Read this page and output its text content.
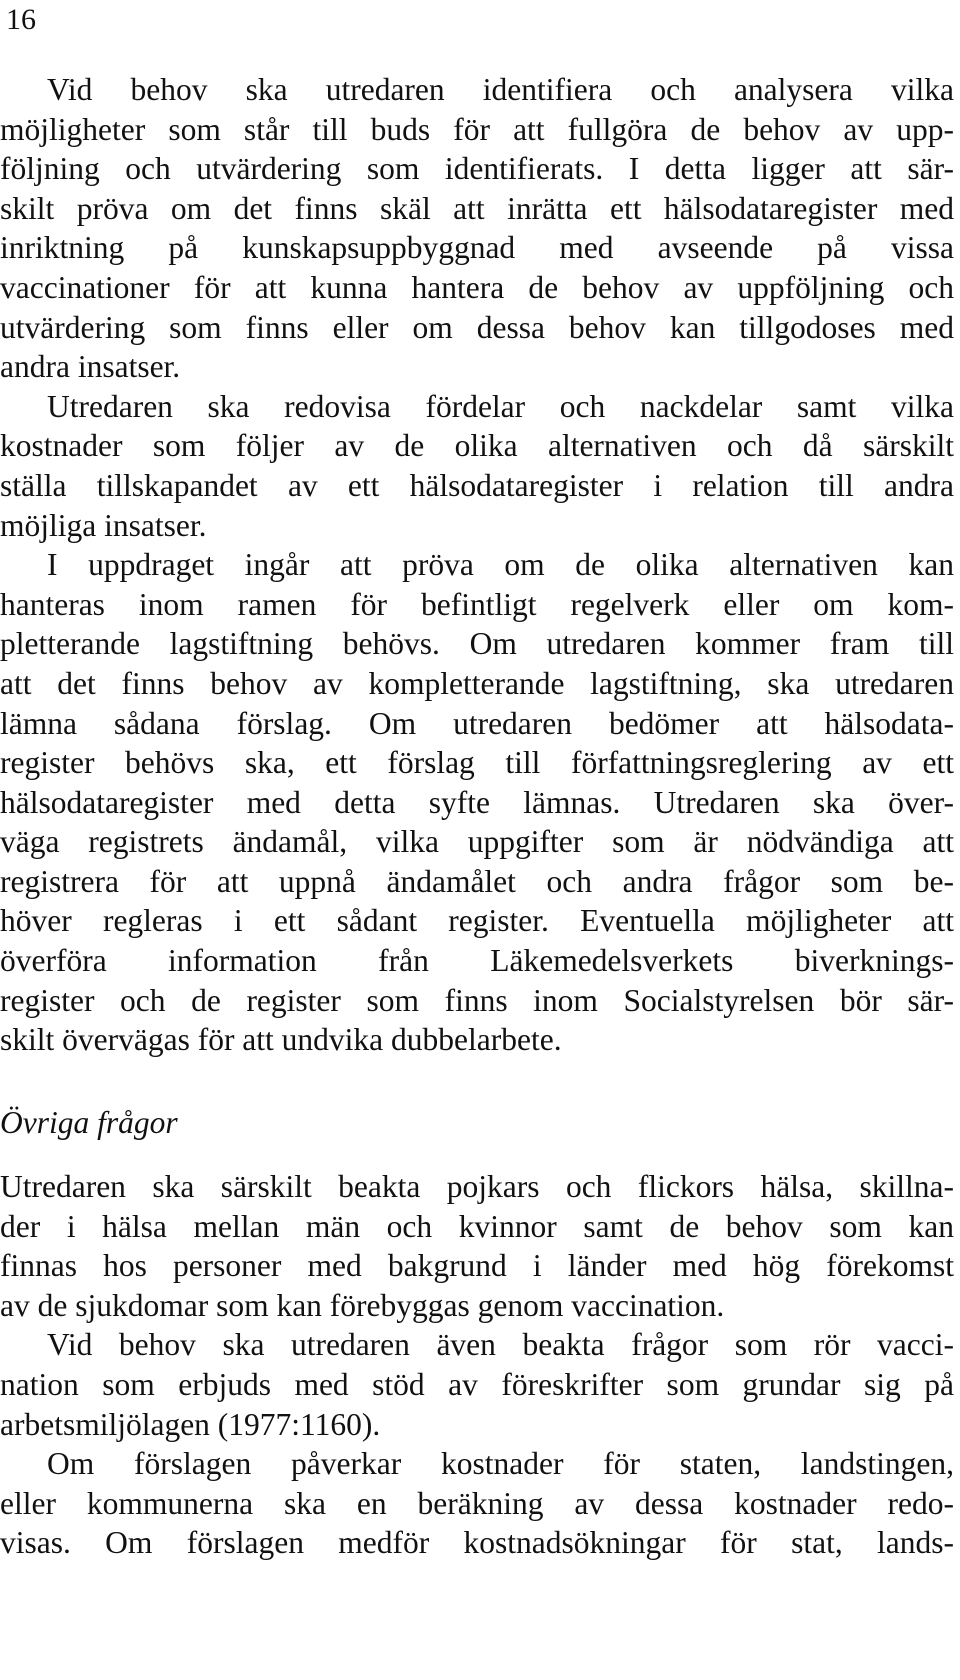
16
Vid behov ska utredaren identifiera och analysera vilka
möjligheter som står till buds för att fullgöra de behov av upp-
följning och utvärdering som identifierats. I detta ligger att sär-
skilt pröva om det finns skäl att inrätta ett hälsodataregister med
inriktning på kunskapsuppbyggnad med avseende på vissa
vaccinationer för att kunna hantera de behov av uppföljning och
utvärdering som finns eller om dessa behov kan tillgodoses med
andra insatser.
Utredaren ska redovisa fördelar och nackdelar samt vilka
kostnader som följer av de olika alternativen och då särskilt
ställa tillskapandet av ett hälsodataregister i relation till andra
möjliga insatser.
I uppdraget ingår att pröva om de olika alternativen kan
hanteras inom ramen för befintligt regelverk eller om kom-
pletterande lagstiftning behövs. Om utredaren kommer fram till
att det finns behov av kompletterande lagstiftning, ska utredaren
lämna sådana förslag. Om utredaren bedömer att hälsodata-
register behövs ska, ett förslag till författningsreglering av ett
hälsodataregister med detta syfte lämnas. Utredaren ska över-
väga registrets ändamål, vilka uppgifter som är nödvändiga att
registrera för att uppnå ändamålet och andra frågor som be-
höver regleras i ett sådant register. Eventuella möjligheter att
överföra information från Läkemedelsverkets biverknings-
register och de register som finns inom Socialstyrelsen bör sär-
skilt övervägas för att undvika dubbelarbete.
Övriga frågor
Utredaren ska särskilt beakta pojkars och flickors hälsa, skillna-
der i hälsa mellan män och kvinnor samt de behov som kan
finnas hos personer med bakgrund i länder med hög förekomst
av de sjukdomar som kan förebyggas genom vaccination.
Vid behov ska utredaren även beakta frågor som rör vacci-
nation som erbjuds med stöd av föreskrifter som grundar sig på
arbetsmiljölagen (1977:1160).
Om förslagen påverkar kostnader för staten, landstingen,
eller kommunerna ska en beräkning av dessa kostnader redo-
visas. Om förslagen medför kostnadsökningar för stat, lands-
